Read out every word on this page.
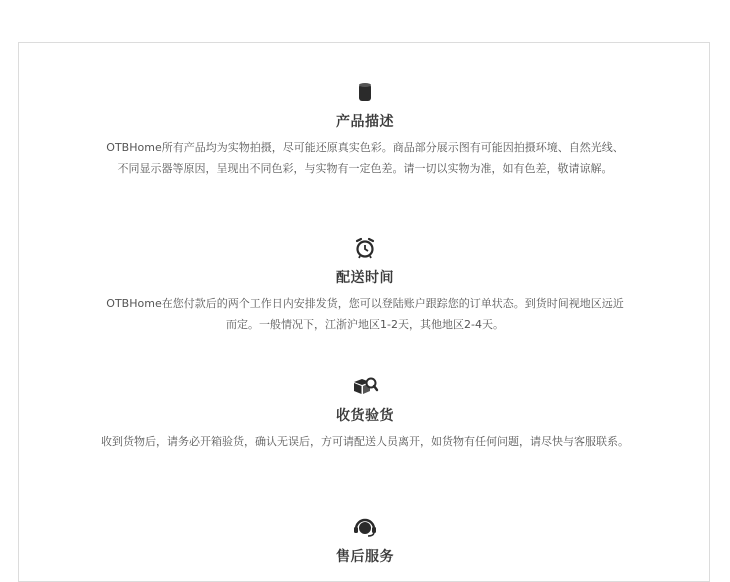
产品描述
OTBHome所有产品均为实物拍摄，尽可能还原真实色彩。商品部分展示图有可能因拍摄环境、自然光线、不同显示器等原因，呈现出不同色彩，与实物有一定色差。请一切以实物为准，如有色差，敬请谅解。
配送时间
OTBHome在您付款后的两个工作日内安排发货，您可以登陆账户跟踪您的订单状态。到货时间视地区远近而定。一般情况下，江浙沪地区1-2天，其他地区2-4天。
收货验货
收到货物后，请务必开箱验货，确认无误后，方可请配送人员离开，如货物有任何问题，请尽快与客服联系。
售后服务
